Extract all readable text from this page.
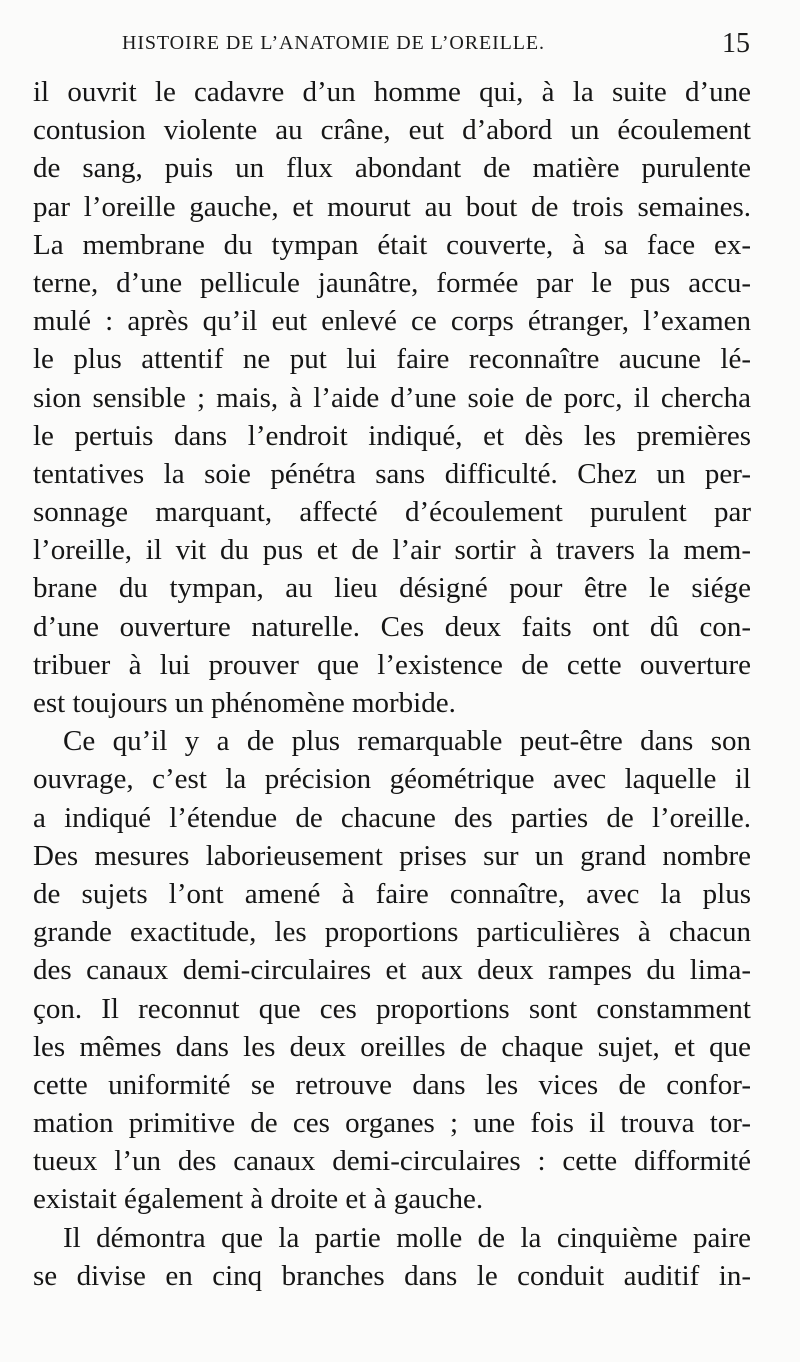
HISTOIRE DE L’ANATOMIE DE L’OREILLE.	15
il ouvrit le cadavre d’un homme qui, à la suite d’une
contusion violente au crâne, eut d’abord un écoulement
de sang, puis un flux abondant de matière purulente
par l’oreille gauche, et mourut au bout de trois semaines.
La membrane du tympan était couverte, à sa face ex-
terne, d’une pellicule jaunâtre, formée par le pus accu-
mulé : après qu’il eut enlevé ce corps étranger, l’examen
le plus attentif ne put lui faire reconnaître aucune lé-
sion sensible ; mais, à l’aide d’une soie de porc, il chercha
le pertuis dans l’endroit indiqué, et dès les premières
tentatives la soie pénétra sans difficulté. Chez un per-
sonnage marquant, affecté d’écoulement purulent par
l’oreille, il vit du pus et de l’air sortir à travers la mem-
brane du tympan, au lieu désigné pour être le siége
d’une ouverture naturelle. Ces deux faits ont dû con-
tribuer à lui prouver que l’existence de cette ouverture
est toujours un phénomène morbide.
Ce qu’il y a de plus remarquable peut-être dans son
ouvrage, c’est la précision géométrique avec laquelle il
a indiqué l’étendue de chacune des parties de l’oreille.
Des mesures laborieusement prises sur un grand nombre
de sujets l’ont amené à faire connaître, avec la plus
grande exactitude, les proportions particulières à chacun
des canaux demi-circulaires et aux deux rampes du lima-
çon. Il reconnut que ces proportions sont constamment
les mêmes dans les deux oreilles de chaque sujet, et que
cette uniformité se retrouve dans les vices de confor-
mation primitive de ces organes ; une fois il trouva tor-
tueux l’un des canaux demi-circulaires : cette difformité
existait également à droite et à gauche.
Il démontra que la partie molle de la cinquième paire
se divise en cinq branches dans le conduit auditif in-
